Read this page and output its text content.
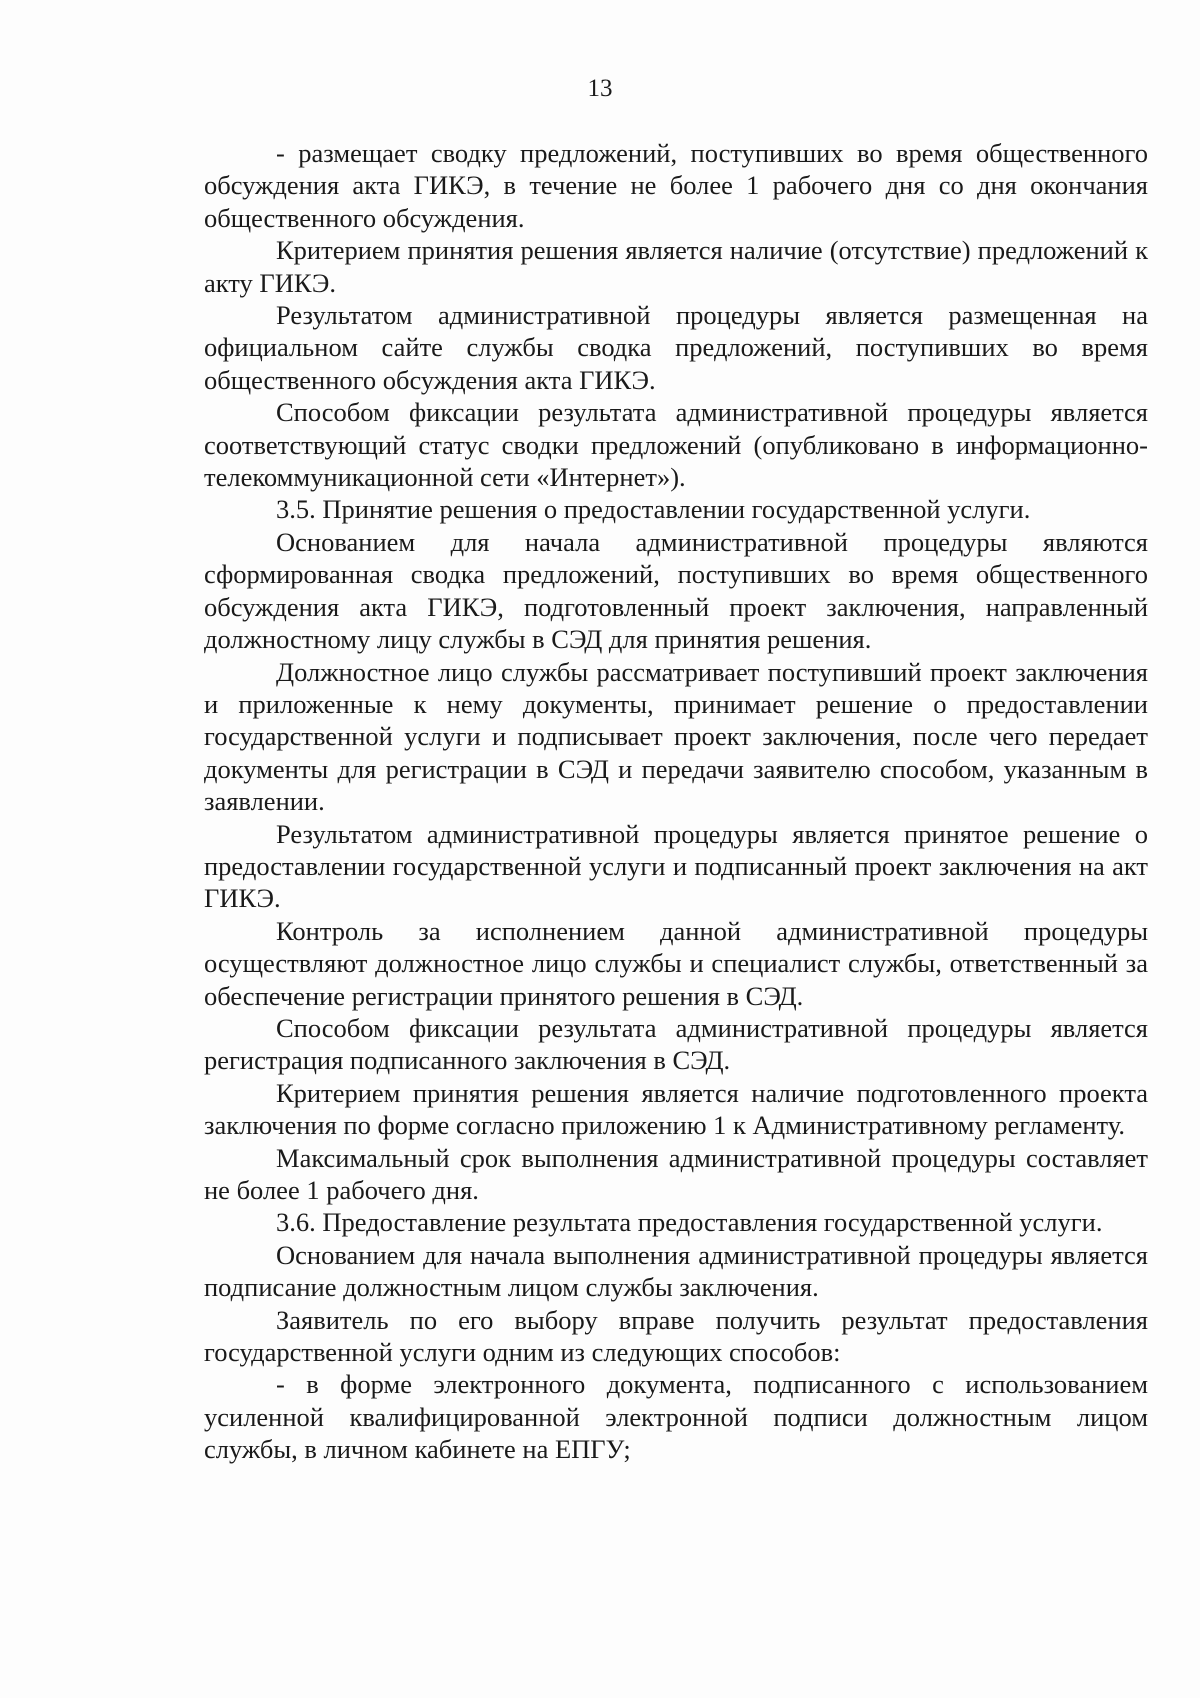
13

- размещает сводку предложений, поступивших во время общественного обсуждения акта ГИКЭ, в течение не более 1 рабочего дня со дня окончания общественного обсуждения.

Критерием принятия решения является наличие (отсутствие) предложений к акту ГИКЭ.

Результатом административной процедуры является размещенная на официальном сайте службы сводка предложений, поступивших во время общественного обсуждения акта ГИКЭ.

Способом фиксации результата административной процедуры является соответствующий статус сводки предложений (опубликовано в информационно-телекоммуникационной сети «Интернет»).

3.5. Принятие решения о предоставлении государственной услуги.

Основанием для начала административной процедуры являются сформированная сводка предложений, поступивших во время общественного обсуждения акта ГИКЭ, подготовленный проект заключения, направленный должностному лицу службы в СЭД для принятия решения.

Должностное лицо службы рассматривает поступивший проект заключения и приложенные к нему документы, принимает решение о предоставлении государственной услуги и подписывает проект заключения, после чего передает документы для регистрации в СЭД и передачи заявителю способом, указанным в заявлении.

Результатом административной процедуры является принятое решение о предоставлении государственной услуги и подписанный проект заключения на акт ГИКЭ.

Контроль за исполнением данной административной процедуры осуществляют должностное лицо службы и специалист службы, ответственный за обеспечение регистрации принятого решения в СЭД.

Способом фиксации результата административной процедуры является регистрация подписанного заключения в СЭД.

Критерием принятия решения является наличие подготовленного проекта заключения по форме согласно приложению 1 к Административному регламенту.

Максимальный срок выполнения административной процедуры составляет не более 1 рабочего дня.

3.6. Предоставление результата предоставления государственной услуги.

Основанием для начала выполнения административной процедуры является подписание должностным лицом службы заключения.

Заявитель по его выбору вправе получить результат предоставления государственной услуги одним из следующих способов:

- в форме электронного документа, подписанного с использованием усиленной квалифицированной электронной подписи должностным лицом службы, в личном кабинете на ЕПГУ;
